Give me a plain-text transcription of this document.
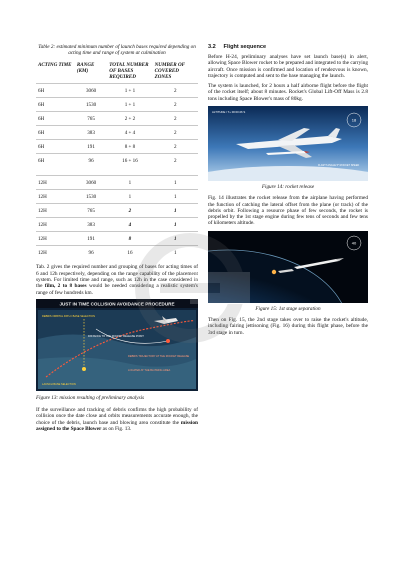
Table 2: estimated minimum number of launch bases required depending on acting time and range of system at culmination
ACTING TIME	RANGE (KM)	TOTAL NUMBER OF BASES REQUIRED	NUMBER OF COVERED ZONES
6H	3060	1 + 1	2
6H	1530	1 + 1	2
6H	765	2 + 2	2
6H	383	4 + 4	2
6H	191	8 + 8	2
6H	96	16 + 16	2

12H	3060	1	1
12H	1530	1	1
12H	765	2	1
12H	383	4	1
12H	191	8	1
12H	96	16	1

Tab. 2 gives the required number and grouping of bases for acting times of 6 and 12h respectively, depending on the range capability of the placement system. For limited time and range, such as 12h in the case considered in the film, 2 to 8 bases would be needed considering a realistic system's range of few hundreds km.

JUST IN TIME COLLISION AVOIDANCE PROCEDURE
DEBRIS ORBITAL PATH / BASE SELECTION
DISTANCE TO THE ROCKET RELEASE POINT
DEBRIS TRAJECTORY AT THE ROCKET RELEASE
LAUNCH BASE SELECTION
LOCATED AT THE BLOWING AREA
Figure 13: mission resulting of preliminary analysis

If the surveillance and tracking of debris confirms the high probability of collision once the date close and orbits measurements accurate enough, the choice of the debris, launch base and blowing area constitute the mission assigned to the Space Blower as on Fig. 13.

3.2     Flight sequence

Before H-24, preliminary analyses have set launch base(s) in alert, allowing Space Blower rocket to be prepared and integrated to the carrying aircraft. Once mission is confirmed and location of rendezvous is known, trajectory is computed and sent to the base managing the launch.

The system is launched, for 2 hours a half airborne flight before the flight of the rocket itself; about 8 minutes. Rocket's Global Lift-Off Mass is 2.8 tons including Space Blower's mass of 80kg.

ALTITUDE / T+ 00:00:26 S
18
FLIGHT ANGLE 5° ROCKET SPEED
Figure 14: rocket release

Fig. 14 illustrates the rocket release from the airplane having performed the function of catching the lateral offset from the plane (or track) of the debris orbit. Following a resource phase of few seconds, the rocket is propelled by the 1st stage engine during few tens of seconds and few tens of kilometers altitude.

40
Figure 15: 1st stage separation

Then on Fig. 15, the 2nd stage takes over to raise the rocket's altitude, including fairing jettisoning (Fig. 16) during this flight phase, before the 3rd stage in turn.
